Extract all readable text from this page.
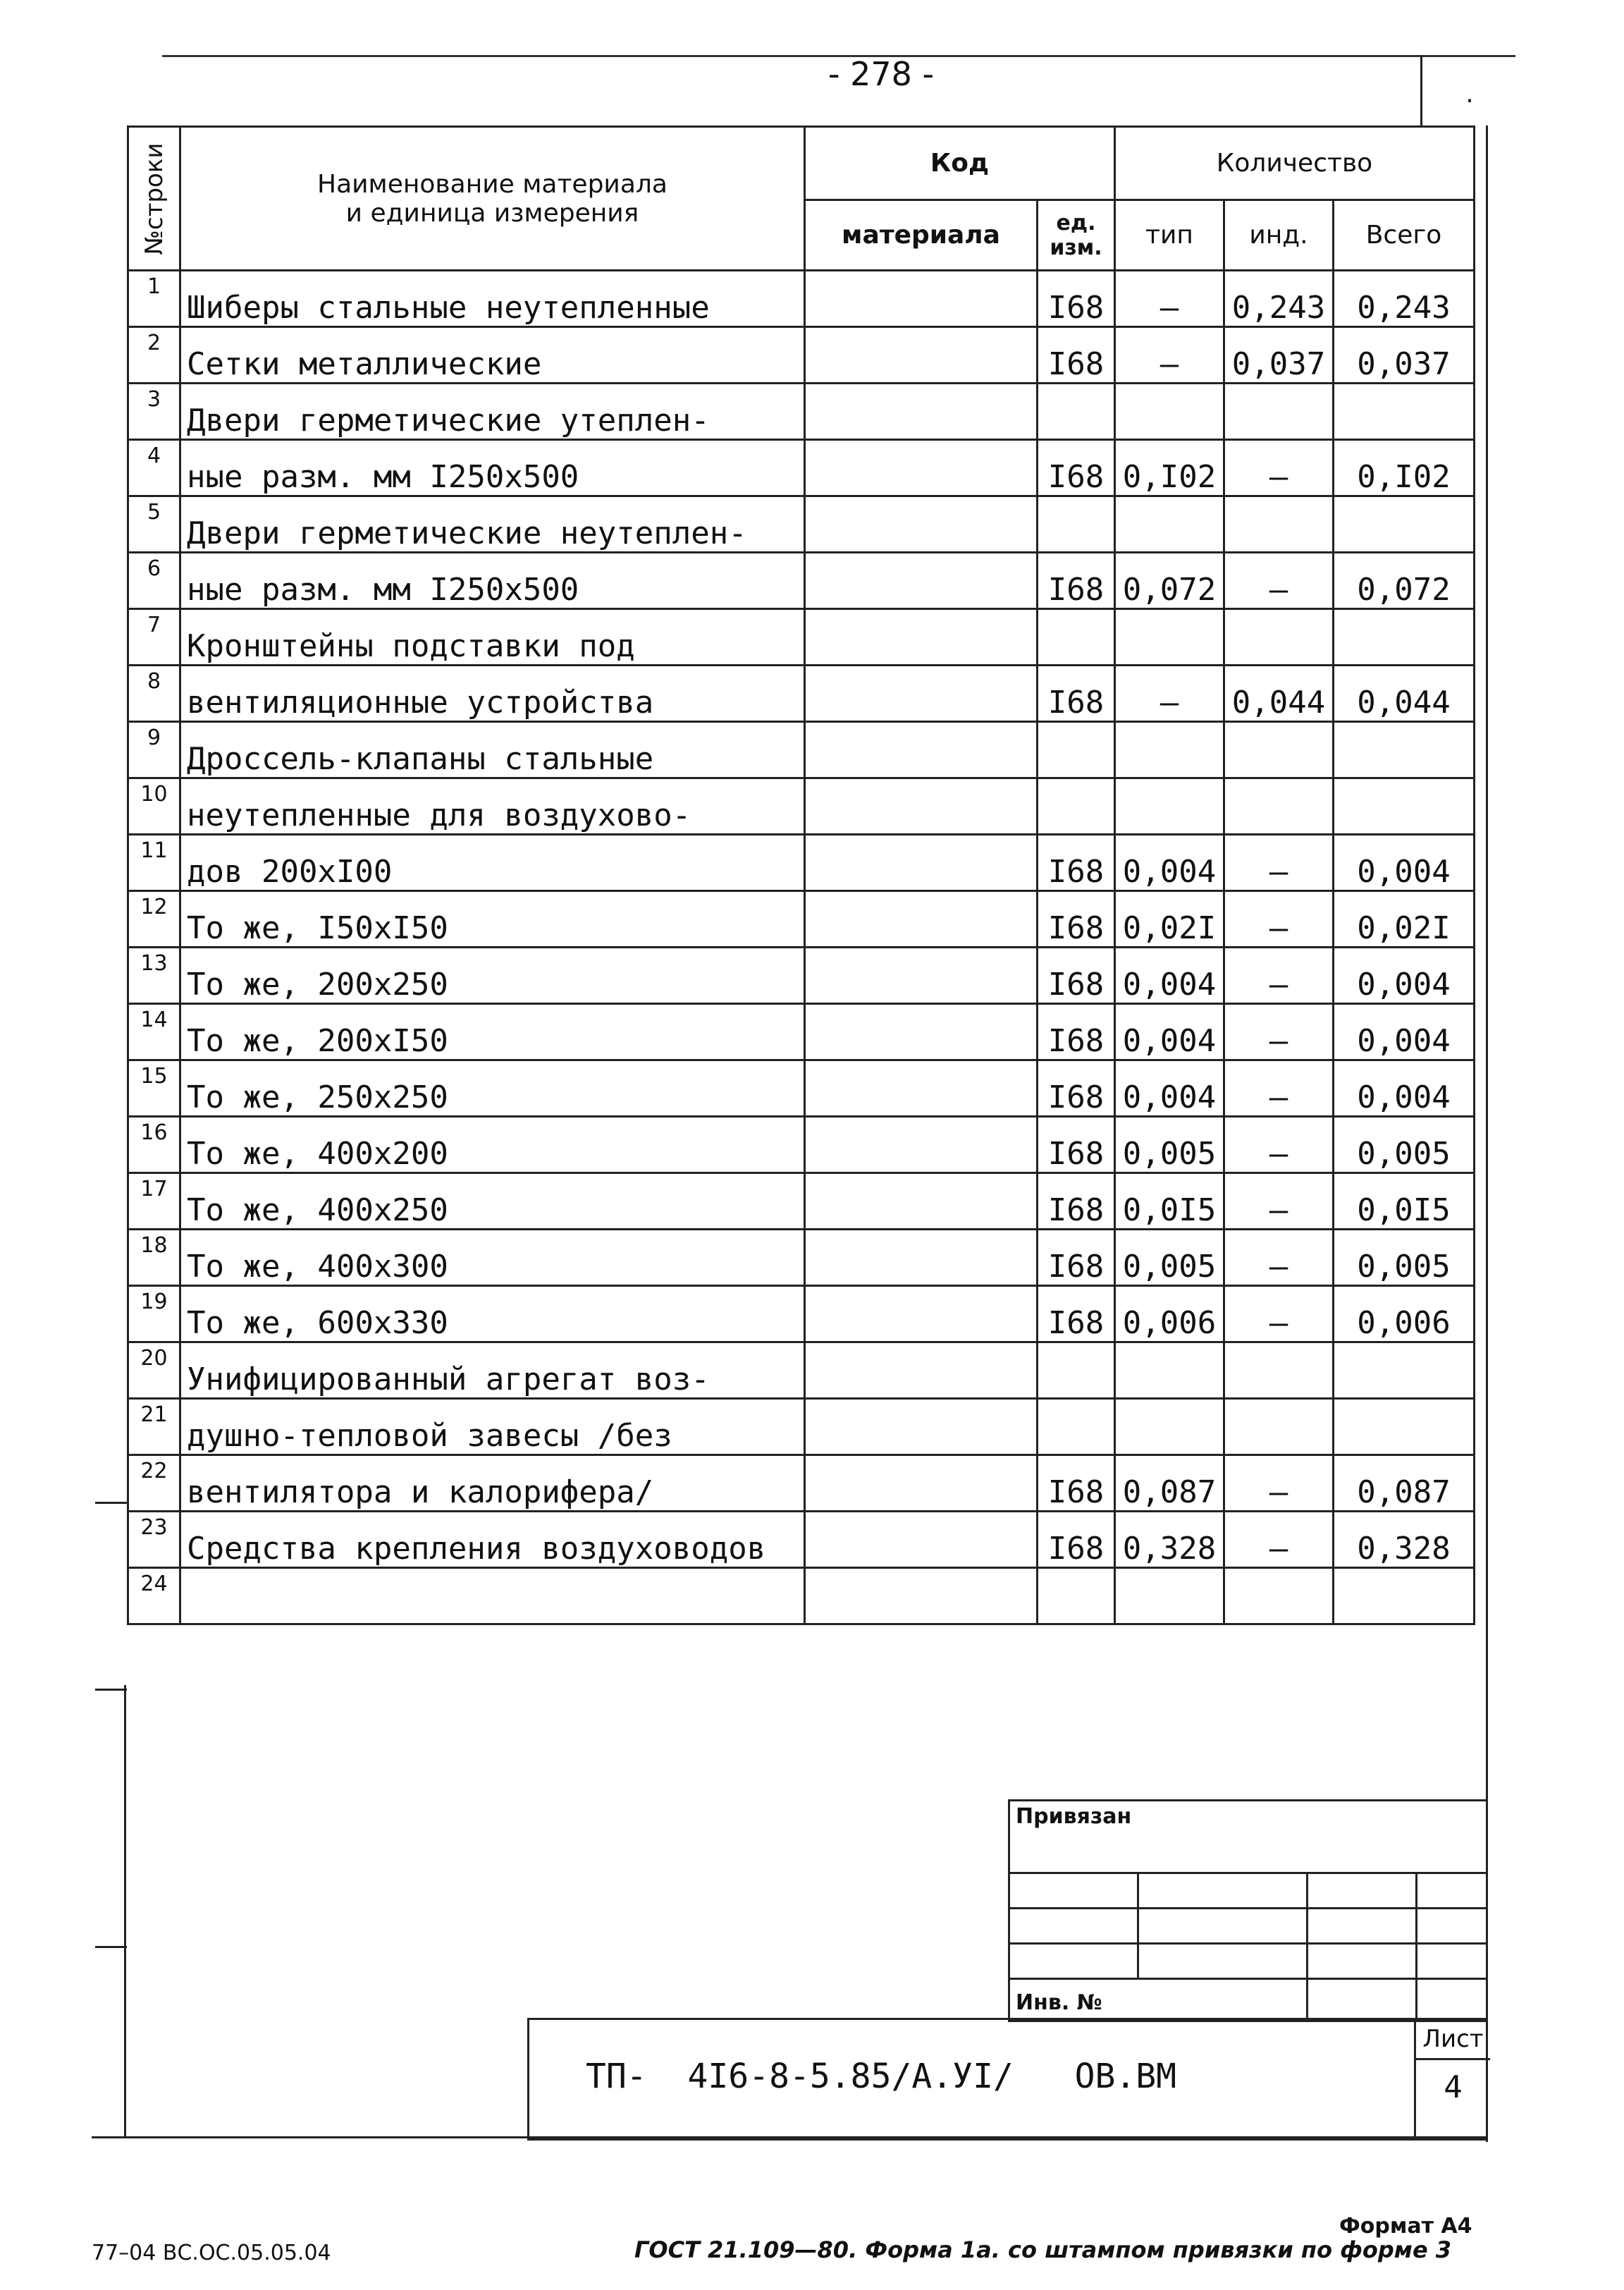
- 278 -
.
№строки	Наименование материала
и единица измерения	Код		Количество		
		материала	ед. изм.	тип	инд.	Всего
1	Шиберы стальные неутепленные		I68	–	0,243	0,243
2	Сетки металлические		I68	–	0,037	0,037
3	Двери герметические утеплен-					
4	ные разм. мм I250х500		I68	0,I02	–	0,I02
5	Двери герметические неутеплен-					
6	ные разм. мм I250х500		I68	0,072	–	0,072
7	Кронштейны подставки под					
8	вентиляционные устройства		I68	–	0,044	0,044
9	Дроссель-клапаны стальные					
10	неутепленные для воздухово-					
11	дов 200хI00		I68	0,004	–	0,004
12	То же, I50хI50		I68	0,02I	–	0,02I
13	То же, 200х250		I68	0,004	–	0,004
14	То же, 200хI50		I68	0,004	–	0,004
15	То же, 250х250		I68	0,004	–	0,004
16	То же, 400х200		I68	0,005	–	0,005
17	То же, 400х250		I68	0,0I5	–	0,0I5
18	То же, 400х300		I68	0,005	–	0,005
19	То же, 600х330		I68	0,006	–	0,006
20	Унифицированный агрегат воз-					
21	душно-тепловой завесы /без					
22	вентилятора и калорифера/		I68	0,087	–	0,087
23	Средства крепления воздуховодов		I68	0,328	–	0,328
24						
Привязан
Инв. №
ТП-  4I6-8-5.85/А.УI/   ОВ.ВМ
Лист
4
Формат А4
77–04 ВС.ОС.05.05.04	ГОСТ 21.109—80. Форма 1а. со штампом привязки по форме 3
